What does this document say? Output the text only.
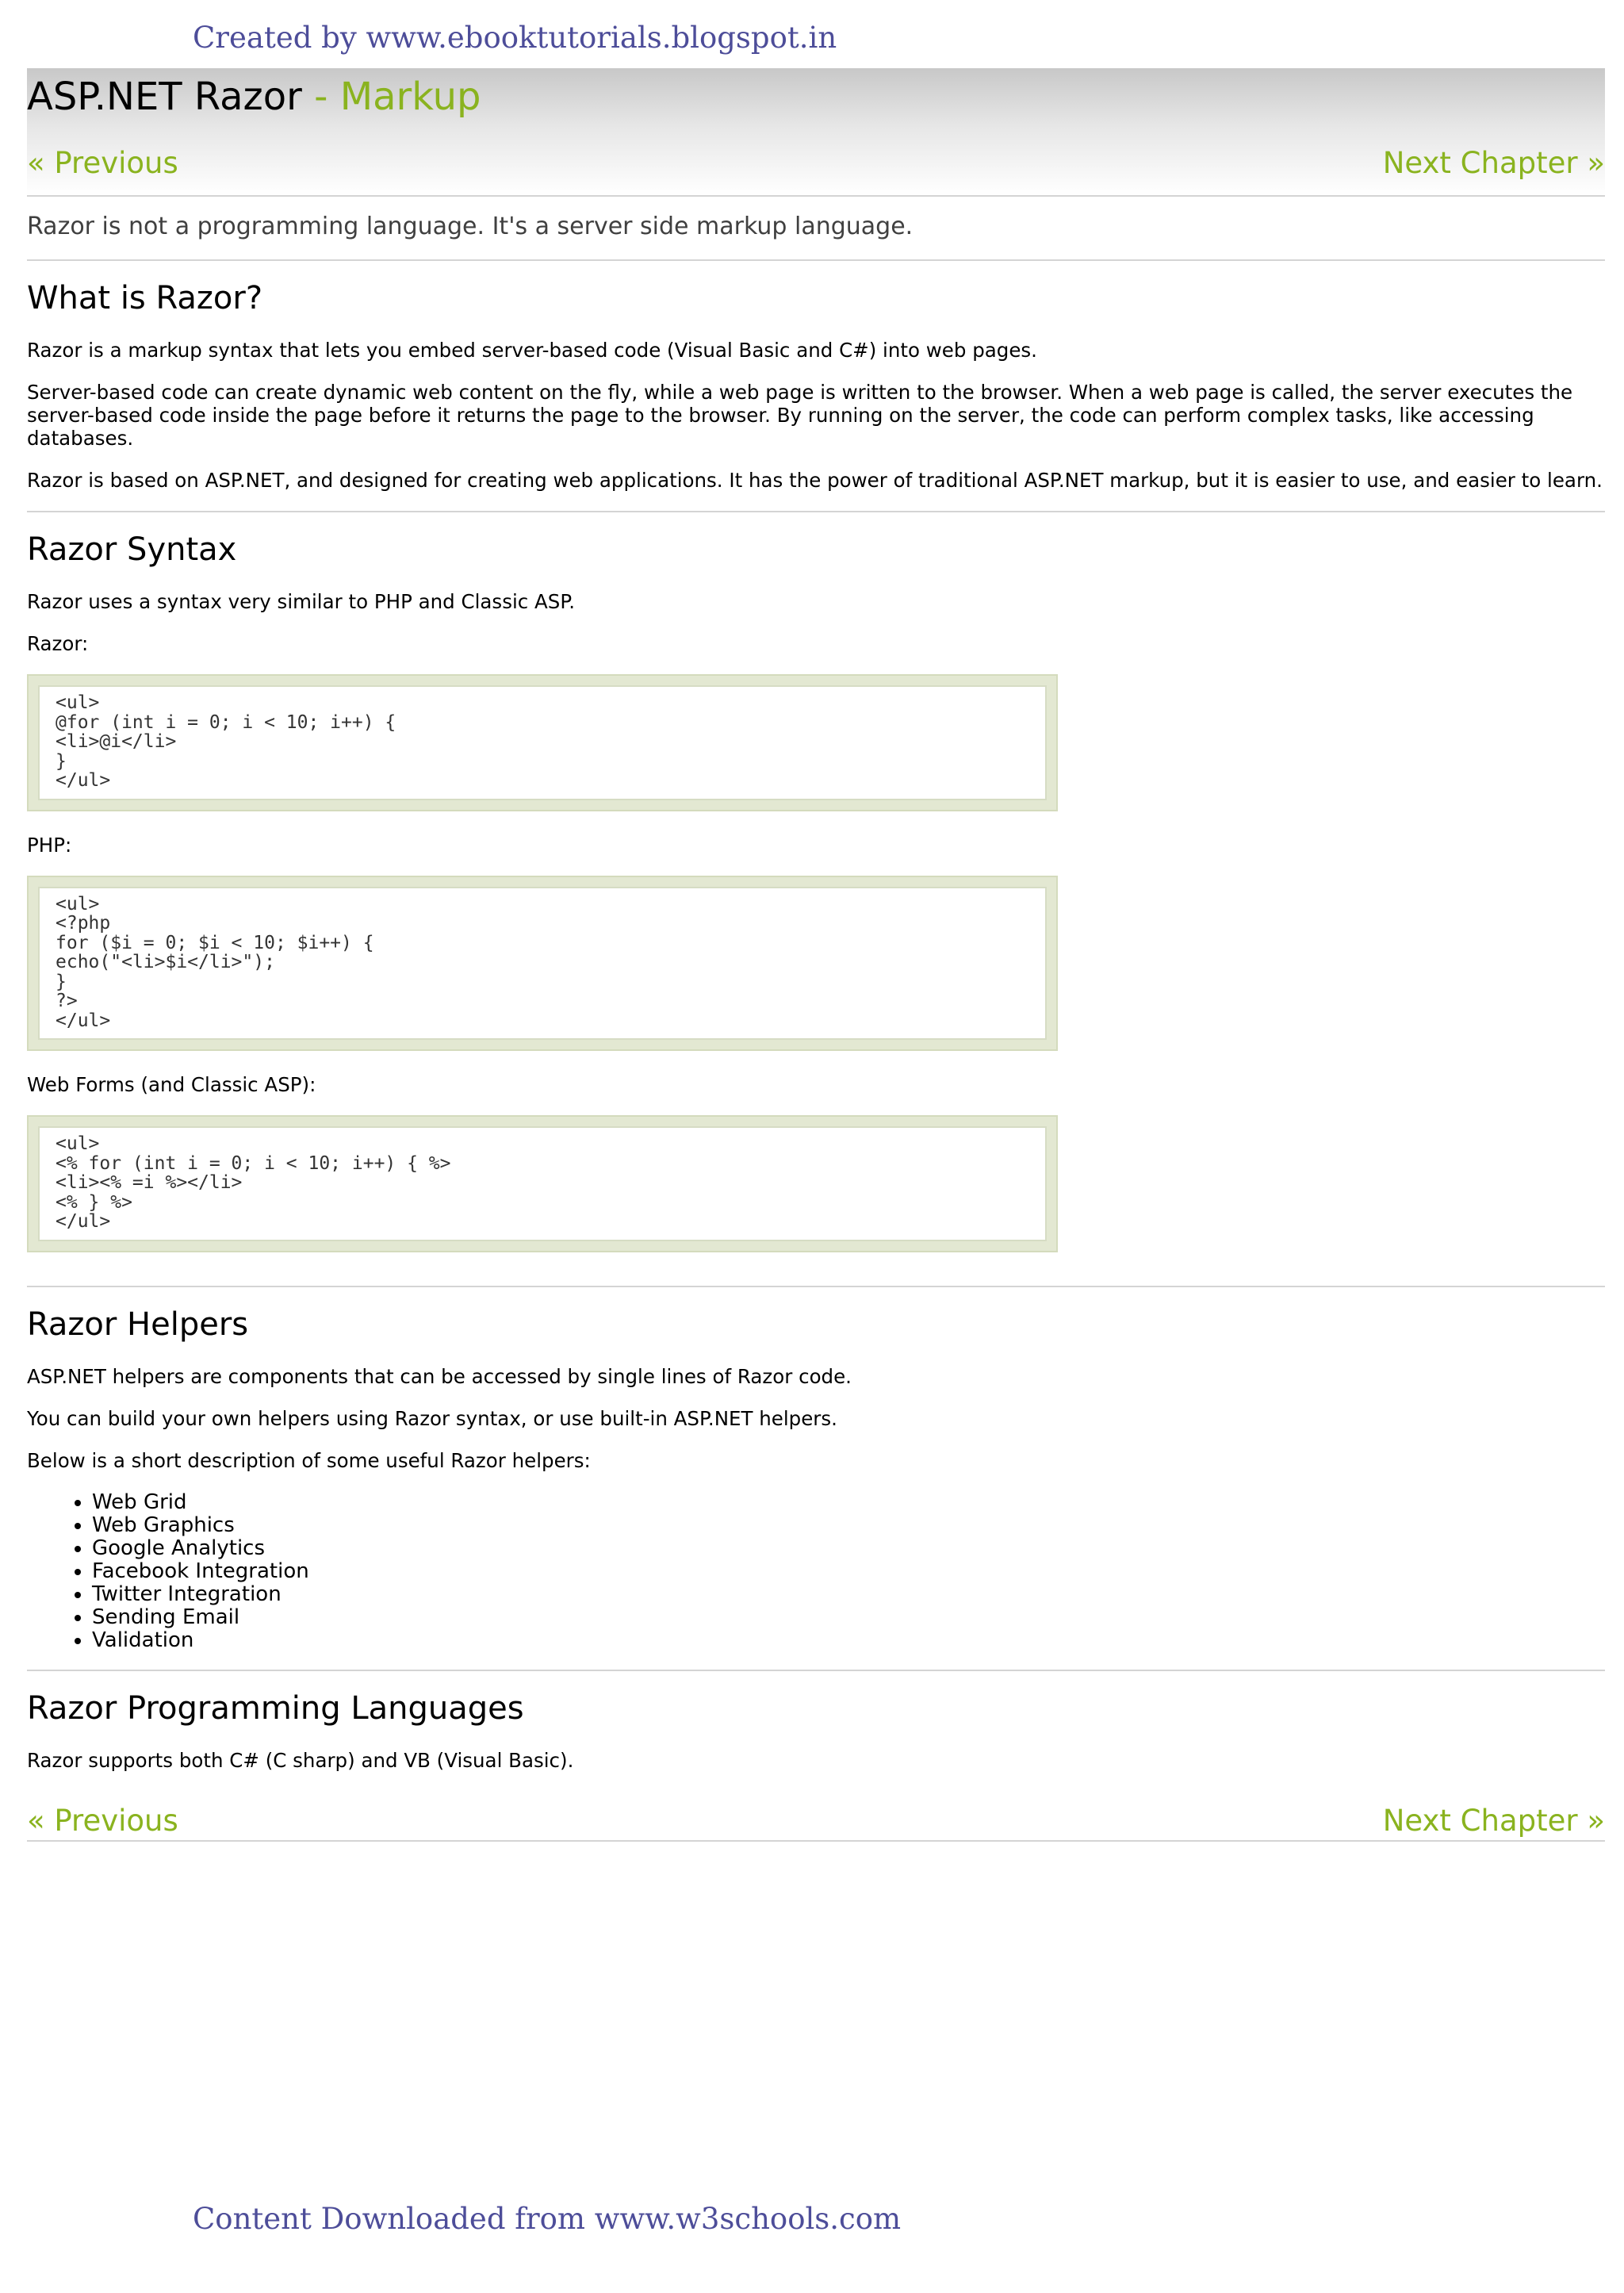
Created by www.ebooktutorials.blogspot.in
ASP.NET Razor - Markup
« Previous	Next Chapter »
Razor is not a programming language. It's a server side markup language.
What is Razor?

Razor is a markup syntax that lets you embed server-based code (Visual Basic and C#) into web pages.

Server-based code can create dynamic web content on the fly, while a web page is written to the browser. When a web page is called, the server executes the server-based code inside the page before it returns the page to the browser. By running on the server, the code can perform complex tasks, like accessing databases.

Razor is based on ASP.NET, and designed for creating web applications. It has the power of traditional ASP.NET markup, but it is easier to use, and easier to learn.

Razor Syntax

Razor uses a syntax very similar to PHP and Classic ASP.

Razor:

<ul>
@for (int i = 0; i < 10; i++) {
<li>@i</li>
}
</ul>

PHP:

<ul>
<?php
for ($i = 0; $i < 10; $i++) {
echo("<li>$i</li>");
}
?>
</ul>

Web Forms (and Classic ASP):

<ul>
<% for (int i = 0; i < 10; i++) { %>
<li><% =i %></li>
<% } %>
</ul>
Razor Helpers

ASP.NET helpers are components that can be accessed by single lines of Razor code.

You can build your own helpers using Razor syntax, or use built-in ASP.NET helpers.

Below is a short description of some useful Razor helpers:

• Web Grid
• Web Graphics
• Google Analytics
• Facebook Integration
• Twitter Integration
• Sending Email
• Validation
Razor Programming Languages

Razor supports both C# (C sharp) and VB (Visual Basic).

« Previous	Next Chapter »
Content Downloaded from www.w3schools.com
